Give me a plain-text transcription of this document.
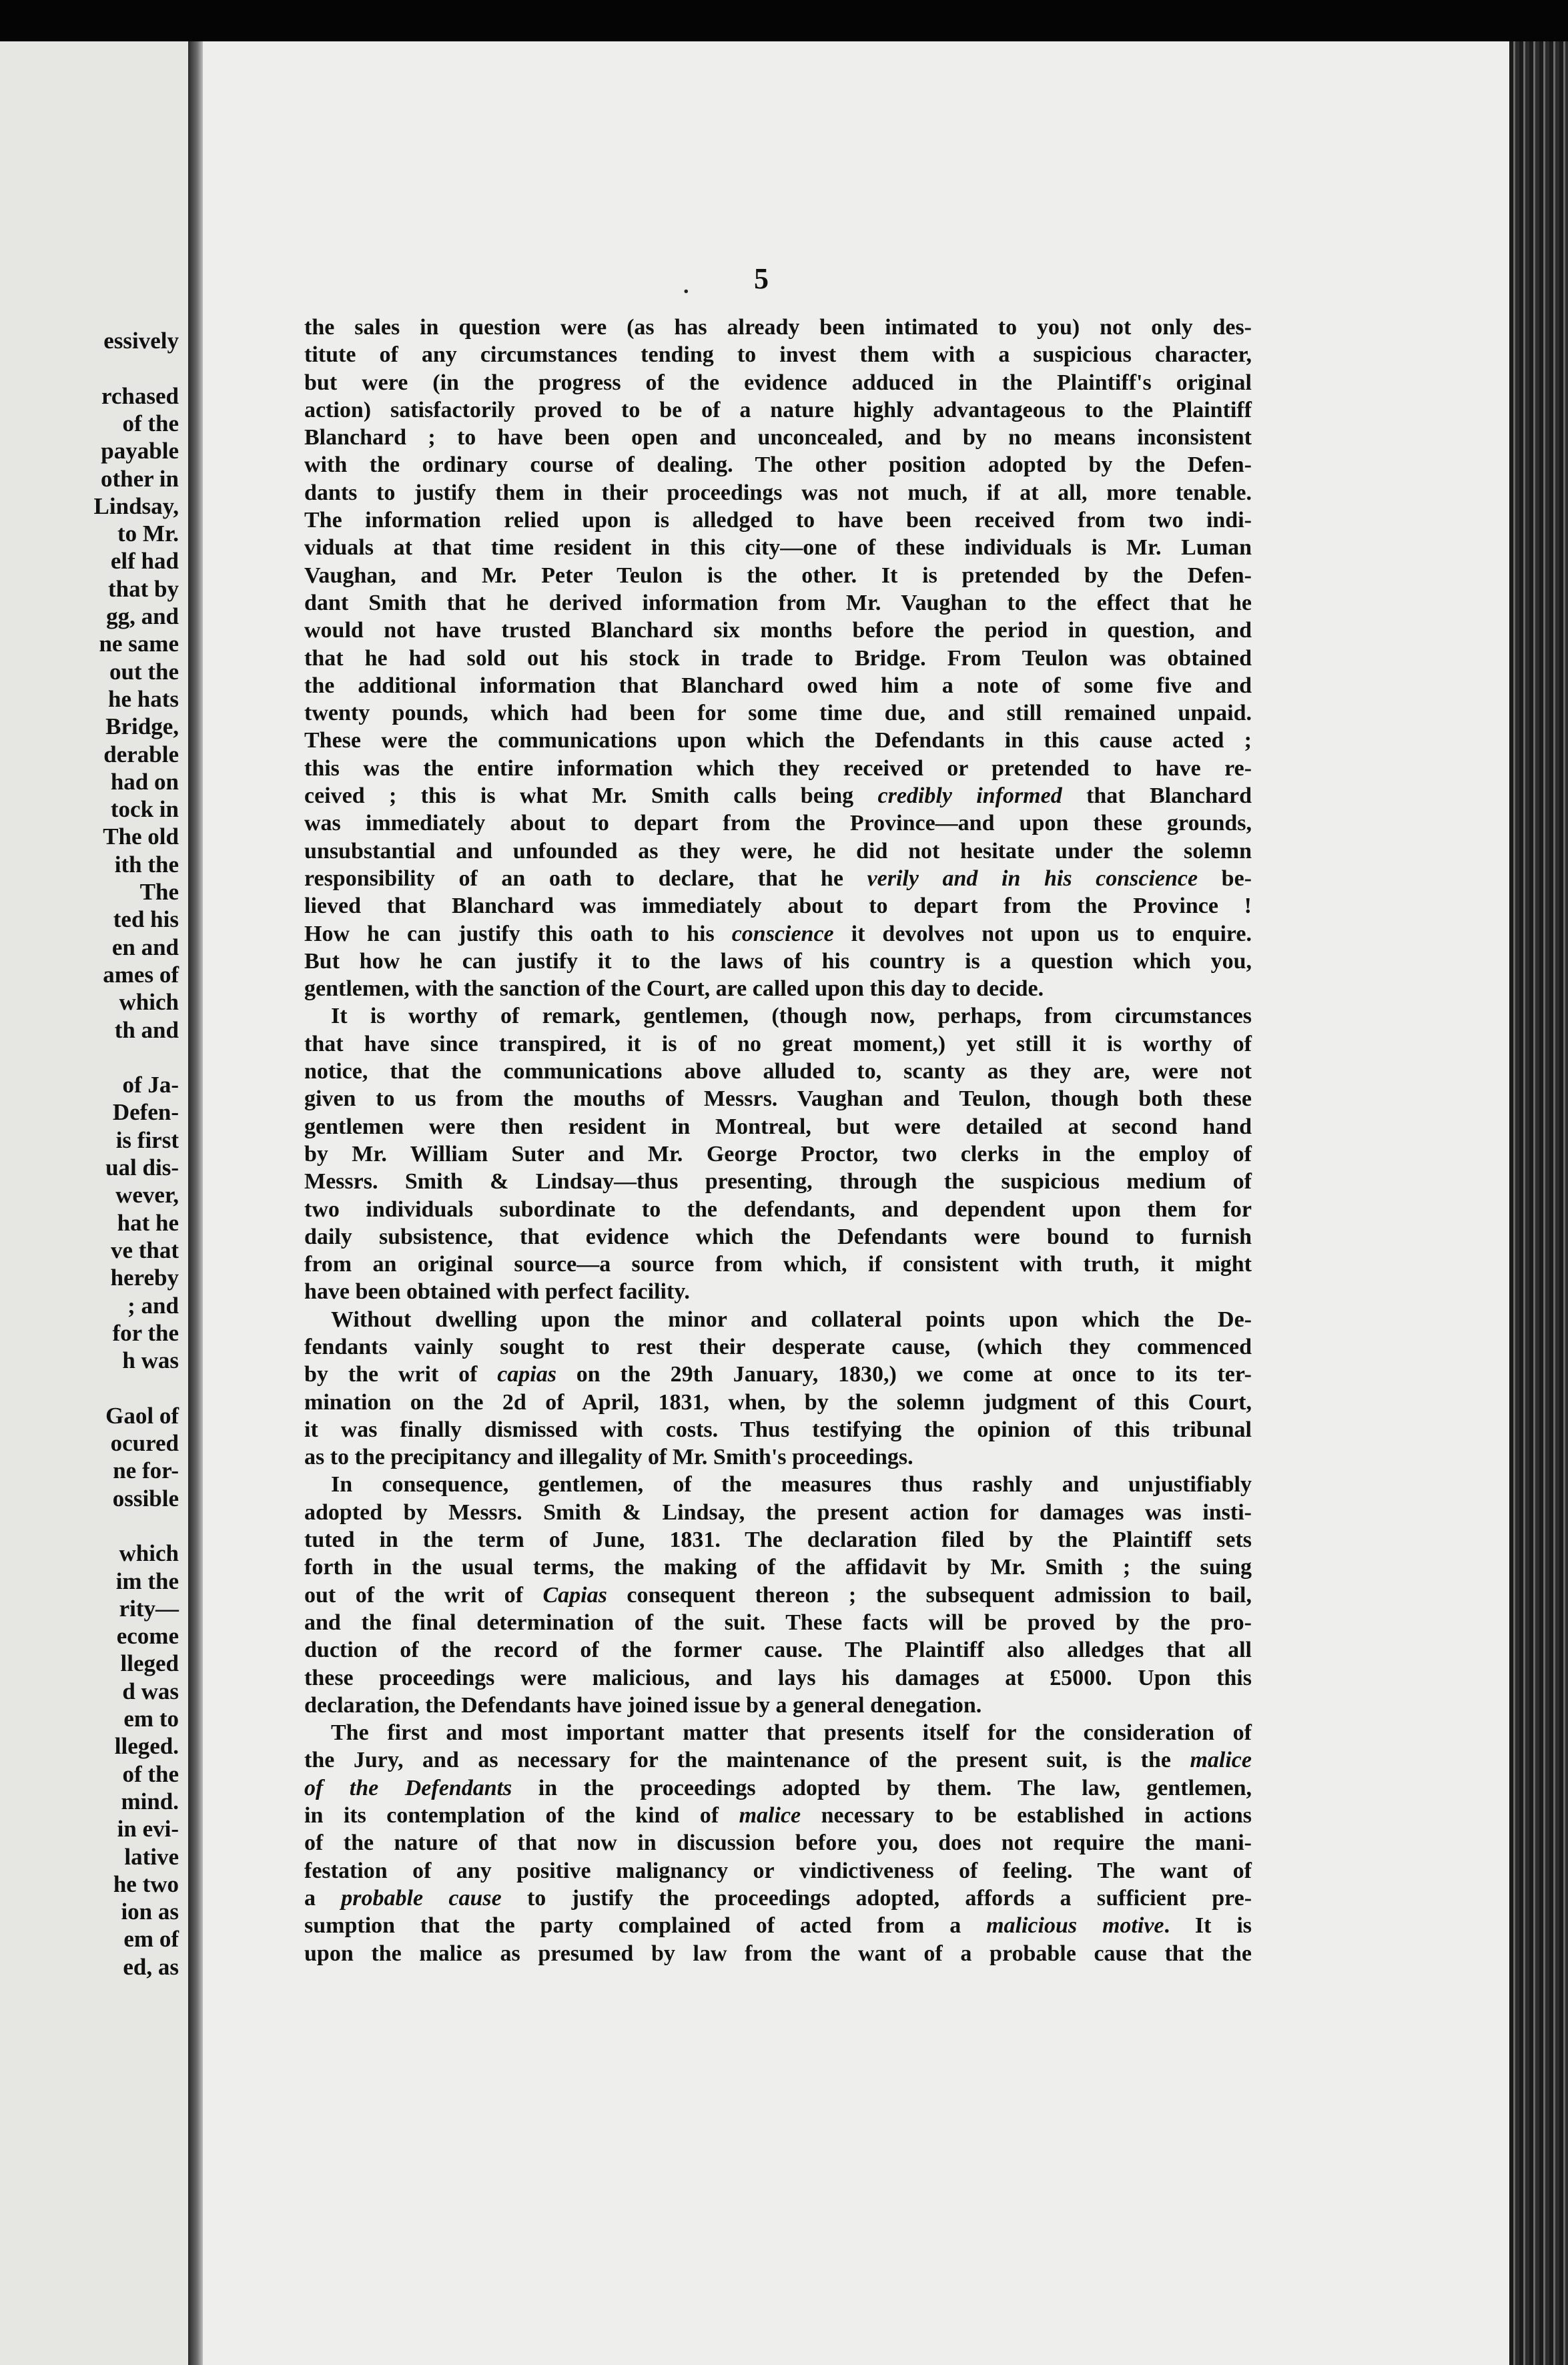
essively
rchased
of the
payable
other in
Lindsay,
to Mr.
elf had
that by
gg, and
ne same
out the
he hats
Bridge,
derable
had on
tock in
The old
ith the
The
ted his
en and
ames of
which
th and
of Ja-
Defen-
is first
ual dis-
wever,
hat he
ve that
hereby
; and
for the
h was
Gaol of
ocured
ne for-
ossible
which
im the
rity—
ecome
lleged
d was
em to
lleged.
of the
mind.
in evi-
lative
he two
ion as
em of
ed, as
. 5
the sales in question were (as has already been intimated to you) not only des-
titute of any circumstances tending to invest them with a suspicious character,
but were (in the progress of the evidence adduced in the Plaintiff's original
action) satisfactorily proved to be of a nature highly advantageous to the Plaintiff
Blanchard ; to have been open and unconcealed, and by no means inconsistent
with the ordinary course of dealing. The other position adopted by the Defen-
dants to justify them in their proceedings was not much, if at all, more tenable.
The information relied upon is alledged to have been received from two indi-
viduals at that time resident in this city—one of these individuals is Mr. Luman
Vaughan, and Mr. Peter Teulon is the other. It is pretended by the Defen-
dant Smith that he derived information from Mr. Vaughan to the effect that he
would not have trusted Blanchard six months before the period in question, and
that he had sold out his stock in trade to Bridge. From Teulon was obtained
the additional information that Blanchard owed him a note of some five and
twenty pounds, which had been for some time due, and still remained unpaid.
These were the communications upon which the Defendants in this cause acted ;
this was the entire information which they received or pretended to have re-
ceived ; this is what Mr. Smith calls being credibly informed that Blanchard
was immediately about to depart from the Province—and upon these grounds,
unsubstantial and unfounded as they were, he did not hesitate under the solemn
responsibility of an oath to declare, that he verily and in his conscience be-
lieved that Blanchard was immediately about to depart from the Province !
How he can justify this oath to his conscience it devolves not upon us to enquire.
But how he can justify it to the laws of his country is a question which you,
gentlemen, with the sanction of the Court, are called upon this day to decide.
It is worthy of remark, gentlemen, (though now, perhaps, from circumstances
that have since transpired, it is of no great moment,) yet still it is worthy of
notice, that the communications above alluded to, scanty as they are, were not
given to us from the mouths of Messrs. Vaughan and Teulon, though both these
gentlemen were then resident in Montreal, but were detailed at second hand
by Mr. William Suter and Mr. George Proctor, two clerks in the employ of
Messrs. Smith & Lindsay—thus presenting, through the suspicious medium of
two individuals subordinate to the defendants, and dependent upon them for
daily subsistence, that evidence which the Defendants were bound to furnish
from an original source—a source from which, if consistent with truth, it might
have been obtained with perfect facility.
Without dwelling upon the minor and collateral points upon which the De-
fendants vainly sought to rest their desperate cause, (which they commenced
by the writ of capias on the 29th January, 1830,) we come at once to its ter-
mination on the 2d of April, 1831, when, by the solemn judgment of this Court,
it was finally dismissed with costs. Thus testifying the opinion of this tribunal
as to the precipitancy and illegality of Mr. Smith's proceedings.
In consequence, gentlemen, of the measures thus rashly and unjustifiably
adopted by Messrs. Smith & Lindsay, the present action for damages was insti-
tuted in the term of June, 1831. The declaration filed by the Plaintiff sets
forth in the usual terms, the making of the affidavit by Mr. Smith ; the suing
out of the writ of Capias consequent thereon ; the subsequent admission to bail,
and the final determination of the suit. These facts will be proved by the pro-
duction of the record of the former cause. The Plaintiff also alledges that all
these proceedings were malicious, and lays his damages at £5000. Upon this
declaration, the Defendants have joined issue by a general denegation.
The first and most important matter that presents itself for the consideration of
the Jury, and as necessary for the maintenance of the present suit, is the malice
of the Defendants in the proceedings adopted by them. The law, gentlemen,
in its contemplation of the kind of malice necessary to be established in actions
of the nature of that now in discussion before you, does not require the mani-
festation of any positive malignancy or vindictiveness of feeling. The want of
a probable cause to justify the proceedings adopted, affords a sufficient pre-
sumption that the party complained of acted from a malicious motive. It is
upon the malice as presumed by law from the want of a probable cause that the
